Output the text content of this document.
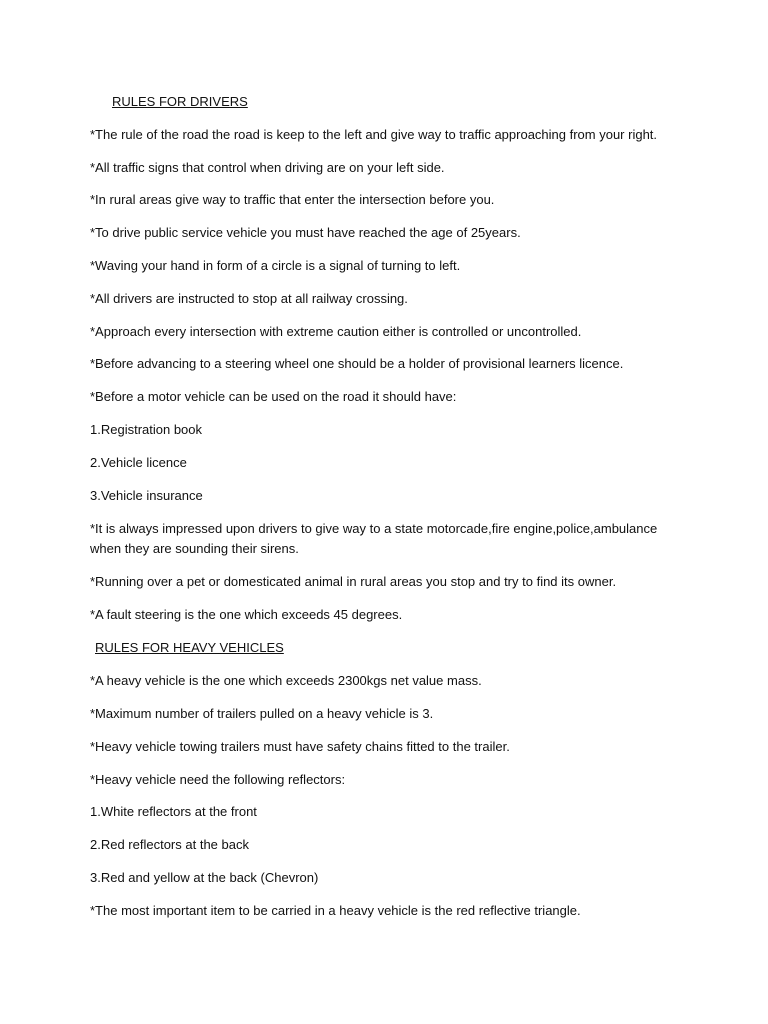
RULES FOR DRIVERS
*The rule of the road the road is keep to the left and give way to traffic approaching from your right.
*All traffic signs that control when driving are on your left side.
*In rural areas give way to traffic that enter the intersection before you.
*To drive public service vehicle you must have reached the age of 25years.
*Waving your hand in form of a circle is a signal of turning to left.
*All drivers are instructed to stop at all railway crossing.
*Approach every intersection with extreme caution either is controlled or uncontrolled.
*Before advancing to a steering wheel one should be a holder of provisional learners licence.
*Before a motor vehicle can be used on the road it should have:
1.Registration book
2.Vehicle licence
3.Vehicle insurance
*It is always impressed upon drivers to give way to a state motorcade,fire engine,police,ambulance when they are sounding their sirens.
*Running over a pet or domesticated animal in rural areas you stop and try to find its owner.
*A fault steering is the one which exceeds 45 degrees.
RULES FOR HEAVY VEHICLES
*A heavy vehicle is the one which exceeds 2300kgs net value mass.
*Maximum number of trailers pulled on a heavy vehicle is 3.
*Heavy vehicle towing trailers must have safety chains fitted to the trailer.
*Heavy vehicle need the following reflectors:
1.White reflectors at the front
2.Red reflectors at the back
3.Red and yellow at the back (Chevron)
*The most important item to be carried in a heavy vehicle is the red reflective triangle.
